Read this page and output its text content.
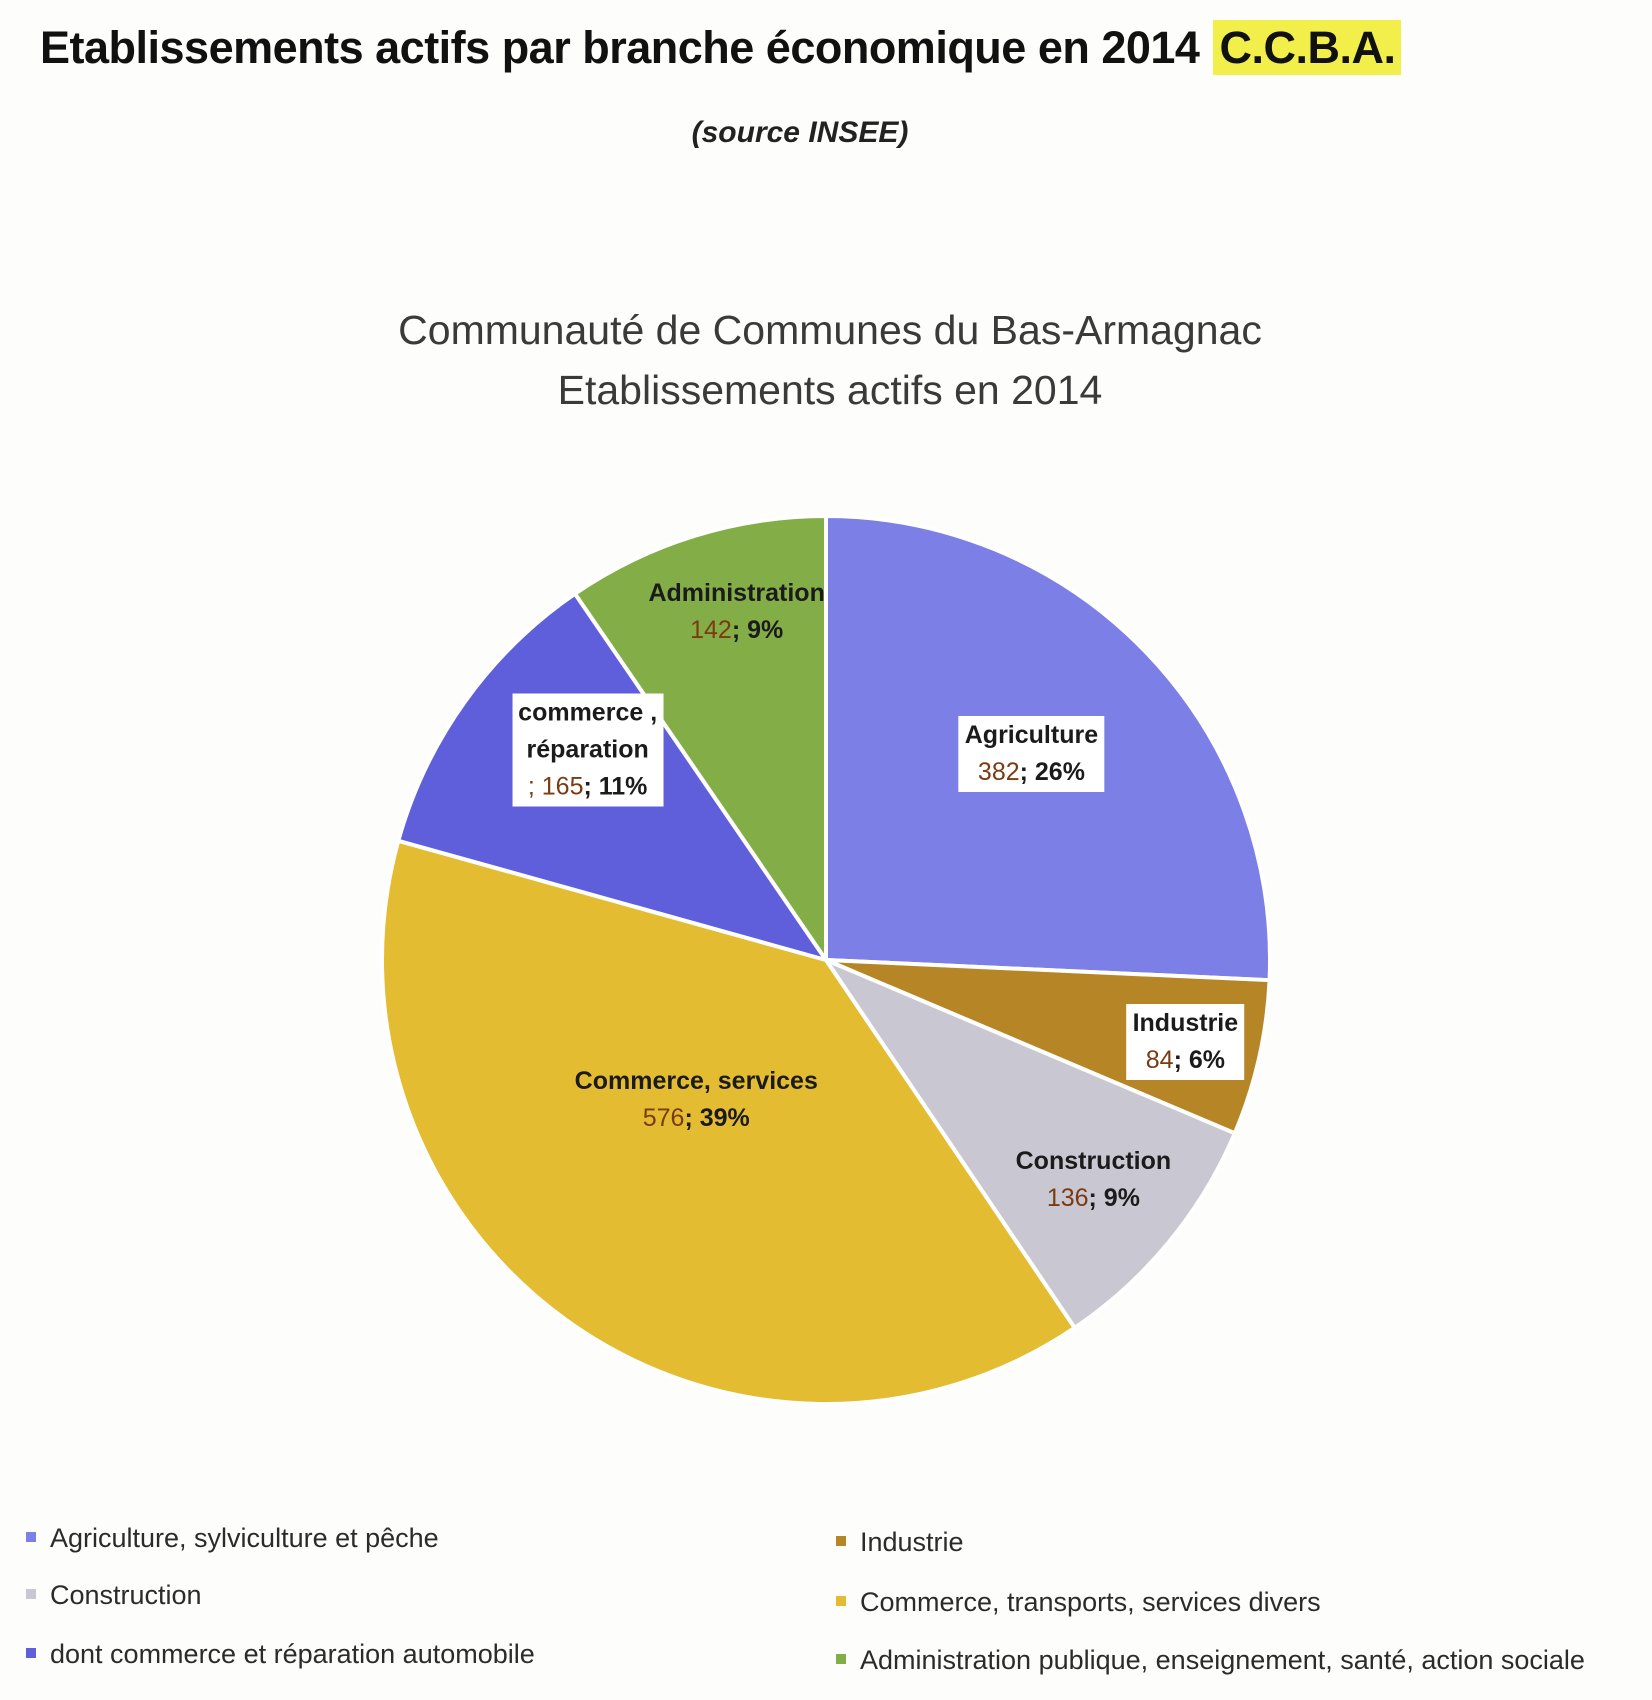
Etablissements actifs par branche économique en 2014 C.C.B.A.
(source INSEE)
Communauté de Communes du Bas-Armagnac
Etablissements actifs en 2014
Agriculture
382; 26%
Industrie
84; 6%
Construction
136; 9%
Commerce, services
576; 39%
commerce ,
réparation
; 165; 11%
Administration
142; 9%
Agriculture, sylviculture et pêche	Industrie
Construction	Commerce, transports, services divers
dont commerce et réparation automobile	Administration publique, enseignement, santé, action sociale
